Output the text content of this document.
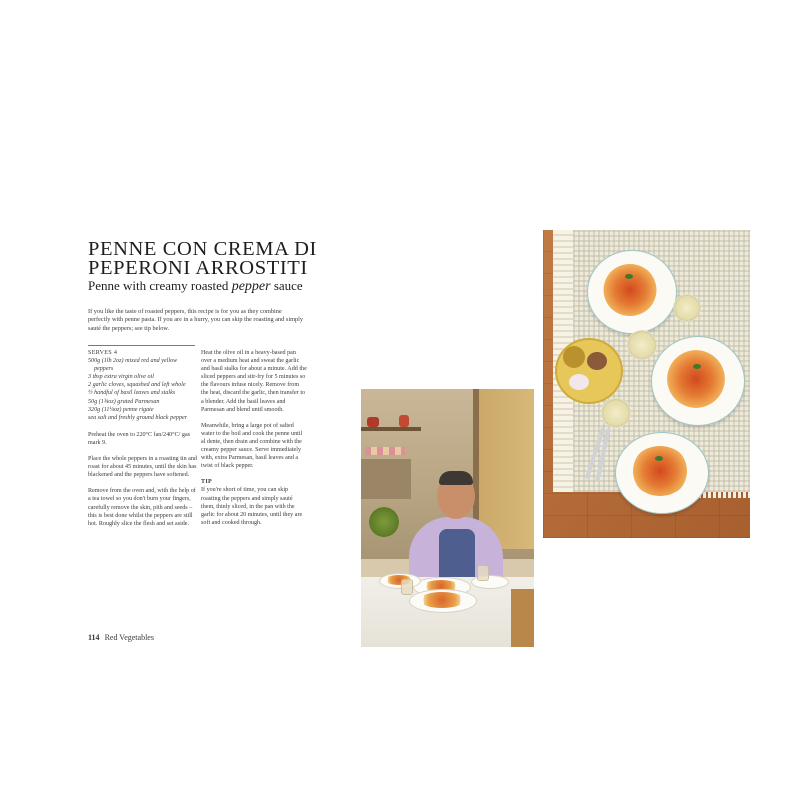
PENNE CON CREMA DI
PEPERONI ARROSTITI
Penne with creamy roasted pepper sauce
If you like the taste of roasted peppers, this recipe is for you as they combine perfectly with penne pasta. If you are in a hurry, you can skip the roasting and simply sauté the peppers; see tip below.
SERVES 4
500g (1lb 2oz) mixed red and yellow
peppers
3 tbsp extra virgin olive oil
2 garlic cloves, squashed and left whole
½ handful of basil leaves and stalks
50g (1¾oz) grated Parmesan
320g (11¼oz) penne rigate
sea salt and freshly ground black pepper

Preheat the oven to 220°C fan/240°C/ gas mark 9.

Place the whole peppers in a roasting tin and roast for about 45 minutes, until the skin has blackened and the peppers have softened.

Remove from the oven and, with the help of a tea towel so you don't burn your fingers, carefully remove the skin, pith and seeds – this is best done whilst the peppers are still hot. Roughly slice the flesh and set aside.

Heat the olive oil in a heavy-based pan over a medium heat and sweat the garlic and basil stalks for about a minute. Add the sliced peppers and stir-fry for 5 minutes so the flavours infuse nicely. Remove from the heat, discard the garlic, then transfer to a blender. Add the basil leaves and Parmesan and blend until smooth.

Meanwhile, bring a large pot of salted water to the boil and cook the penne until al dente, then drain and combine with the creamy pepper sauce. Serve immediately with, extra Parmesan, basil leaves and a twist of black pepper.

TIP

If you're short of time, you can skip roasting the peppers and simply sauté them, thinly sliced, in the pan with the garlic for about 20 minutes, until they are soft and cooked through.

114 Red Vegetables
